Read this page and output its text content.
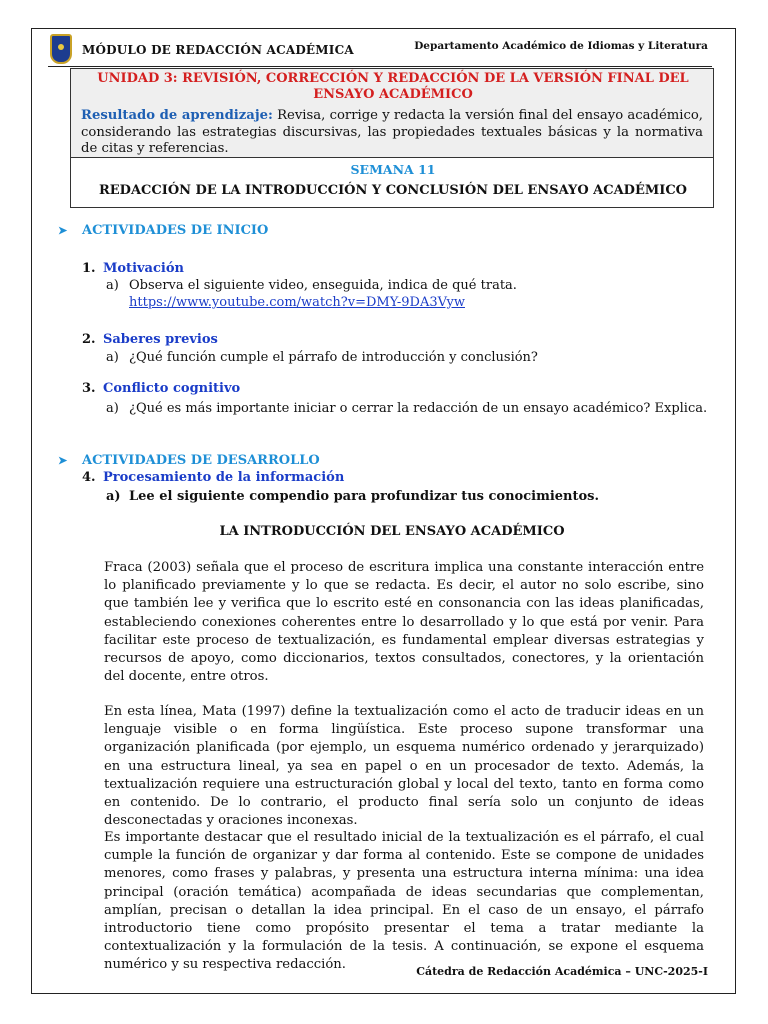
MÓDULO DE REDACCIÓN ACADÉMICA	Departamento Académico de Idiomas y Literatura
UNIDAD 3: REVISIÓN, CORRECCIÓN Y REDACCIÓN DE LA VERSIÓN FINAL DEL
ENSAYO ACADÉMICO
Resultado de aprendizaje: Revisa, corrige y redacta la versión final del ensayo académico, considerando las estrategias discursivas, las propiedades textuales básicas y la normativa de citas y referencias.
SEMANA 11
REDACCIÓN DE LA INTRODUCCIÓN Y CONCLUSIÓN DEL ENSAYO ACADÉMICO
➤ ACTIVIDADES DE INICIO
1. Motivación
a) Observa el siguiente video, enseguida, indica de qué trata.
https://www.youtube.com/watch?v=DMY-9DA3Vyw
2. Saberes previos
a) ¿Qué función cumple el párrafo de introducción y conclusión?
3. Conflicto cognitivo
a) ¿Qué es más importante iniciar o cerrar la redacción de un ensayo académico? Explica.
➤ ACTIVIDADES DE DESARROLLO
4. Procesamiento de la información
a) Lee el siguiente compendio para profundizar tus conocimientos.
LA INTRODUCCIÓN DEL ENSAYO ACADÉMICO
Fraca (2003) señala que el proceso de escritura implica una constante interacción entre lo planificado previamente y lo que se redacta. Es decir, el autor no solo escribe, sino que también lee y verifica que lo escrito esté en consonancia con las ideas planificadas, estableciendo conexiones coherentes entre lo desarrollado y lo que está por venir. Para facilitar este proceso de textualización, es fundamental emplear diversas estrategias y recursos de apoyo, como diccionarios, textos consultados, conectores, y la orientación del docente, entre otros.
En esta línea, Mata (1997) define la textualización como el acto de traducir ideas en un lenguaje visible o en forma lingüística. Este proceso supone transformar una organización planificada (por ejemplo, un esquema numérico ordenado y jerarquizado) en una estructura lineal, ya sea en papel o en un procesador de texto. Además, la textualización requiere una estructuración global y local del texto, tanto en forma como en contenido. De lo contrario, el producto final sería solo un conjunto de ideas desconectadas y oraciones inconexas.
Es importante destacar que el resultado inicial de la textualización es el párrafo, el cual cumple la función de organizar y dar forma al contenido. Este se compone de unidades menores, como frases y palabras, y presenta una estructura interna mínima: una idea principal (oración temática) acompañada de ideas secundarias que complementan, amplían, precisan o detallan la idea principal. En el caso de un ensayo, el párrafo introductorio tiene como propósito presentar el tema a tratar mediante la contextualización y la formulación de la tesis. A continuación, se expone el esquema numérico y su respectiva redacción.	Cátedra de Redacción Académica – UNC-2025-I
